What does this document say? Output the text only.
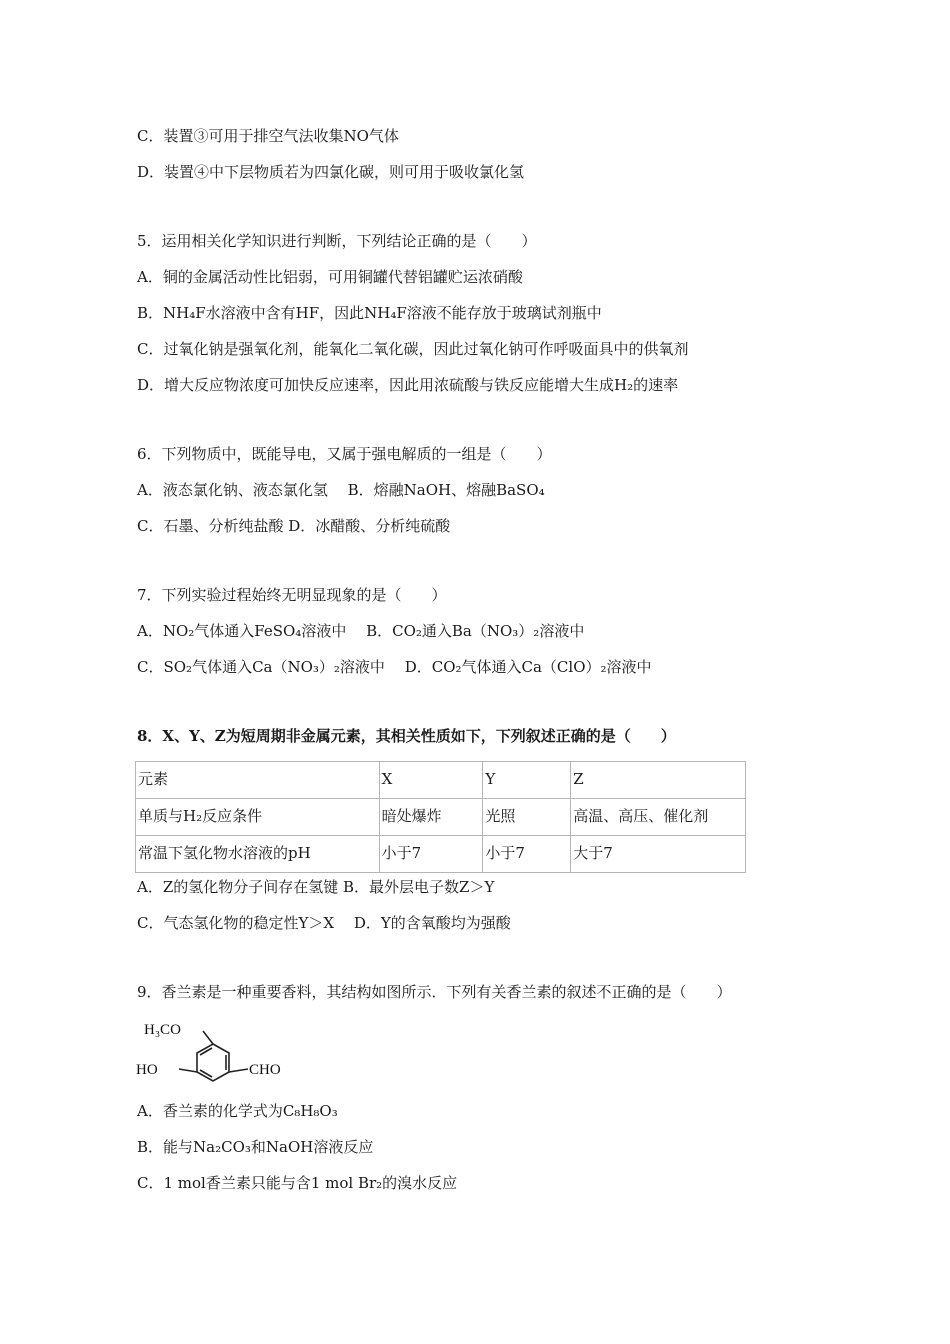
C．装置③可用于排空气法收集NO气体
D．装置④中下层物质若为四氯化碳，则可用于吸收氯化氢
5．运用相关化学知识进行判断，下列结论正确的是（　　）
A．铜的金属活动性比铝弱，可用铜罐代替铝罐贮运浓硝酸
B．NH₄F水溶液中含有HF，因此NH₄F溶液不能存放于玻璃试剂瓶中
C．过氧化钠是强氧化剂，能氧化二氧化碳，因此过氧化钠可作呼吸面具中的供氧剂
D．增大反应物浓度可加快反应速率，因此用浓硫酸与铁反应能增大生成H₂的速率
6．下列物质中，既能导电，又属于强电解质的一组是（　　）
A．液态氯化钠、液态氯化氢　 B．熔融NaOH、熔融BaSO₄
C．石墨、分析纯盐酸 D．冰醋酸、分析纯硫酸
7．下列实验过程始终无明显现象的是（　　）
A．NO₂气体通入FeSO₄溶液中　 B．CO₂通入Ba（NO₃）₂溶液中
C．SO₂气体通入Ca（NO₃）₂溶液中　 D．CO₂气体通入Ca（ClO）₂溶液中
8．X、Y、Z为短周期非金属元素，其相关性质如下，下列叙述正确的是（　　）
元素	X	Y	Z
单质与H₂反应条件	暗处爆炸	光照	高温、高压、催化剂
常温下氢化物水溶液的pH	小于7	小于7	大于7
A．Z的氢化物分子间存在氢键 B．最外层电子数Z＞Y
C．气态氢化物的稳定性Y＞X　 D．Y的含氧酸均为强酸
9．香兰素是一种重要香料，其结构如图所示．下列有关香兰素的叙述不正确的是（　　）
H₃CO
HO	CHO
A．香兰素的化学式为C₈H₈O₃
B．能与Na₂CO₃和NaOH溶液反应
C．1 mol香兰素只能与含1 mol Br₂的溴水反应
